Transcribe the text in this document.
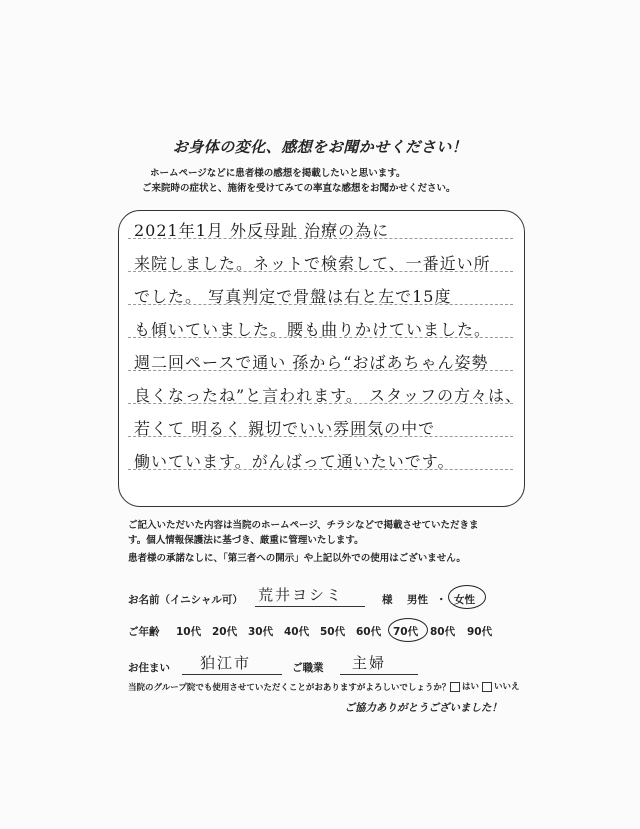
お身体の変化、感想をお聞かせください！
ホームページなどに患者様の感想を掲載したいと思います。
ご来院時の症状と、施術を受けてみての率直な感想をお聞かせください。
2021年1月 外反母趾 治療の為に
来院しました。ネットで検索して、一番近い所
でした。 写真判定で骨盤は右と左で15度
も傾いていました。腰も曲りかけていました。
週二回ペースで通い 孫から“おばあちゃん姿勢
良くなったね”と言われます。 スタッフの方々は、
若くて 明るく 親切でいい雰囲気の中で
働いています。がんばって通いたいです。
ご記入いただいた内容は当院のホームページ、チラシなどで掲載させていただきま
す。個人情報保護法に基づき、厳重に管理いたします。
患者様の承諾なしに、「第三者への開示」や上記以外での使用はございません。
お名前（イニシャル可） 荒井ヨシミ	様 男性 ・ 女性
ご年齢 10代 20代 30代 40代 50代 60代 70代 80代 90代
お住まい 狛江市	ご職業 主婦
当院のグループ院でも使用させていただくことがおありますがよろしいでしょうか？	はい	いいえ
ご協力ありがとうございました！
